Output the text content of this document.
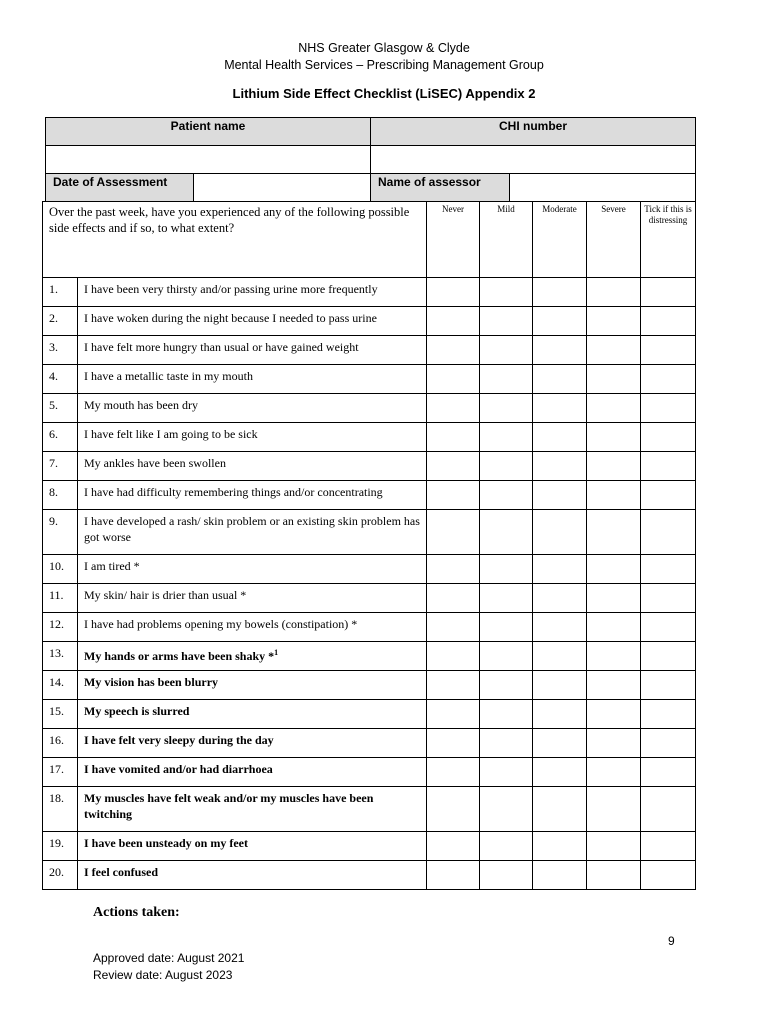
NHS Greater Glasgow & Clyde
Mental Health Services – Prescribing Management Group
Lithium Side Effect Checklist (LiSEC) Appendix 2
Patient name		CHI number	

Date of Assessment		Name of assessor	
Over the past week, have you experienced any of the following possible side effects and if so, to what extent?		Never	Mild	Moderate	Severe	Tick if this is distressing
1.	I have been very thirsty and/or passing urine more frequently					
2.	I have woken during the night because I needed to pass urine					
3.	I have felt more hungry than usual or have gained weight					
4.	I have a metallic taste in my mouth					
5.	My mouth has been dry					
6.	I have felt like I am going to be sick					
7.	My ankles have been swollen					
8.	I have had difficulty remembering things and/or concentrating					
9.	I have developed a rash/ skin problem or an existing skin problem has got worse					
10.	I am tired *					
11.	My skin/ hair is drier than usual *					
12.	I have had problems opening my bowels (constipation) *					
13.	My hands or arms have been shaky *$^1$					
14.	My vision has been blurry					
15.	My speech is slurred					
16.	I have felt very sleepy during the day					
17.	I have vomited and/or had diarrhoea					
18.	My muscles have felt weak and/or my muscles have been twitching					
19.	I have been unsteady on my feet					
20.	I feel confused					
Actions taken:
9
Approved date: August 2021
Review date: August 2023
